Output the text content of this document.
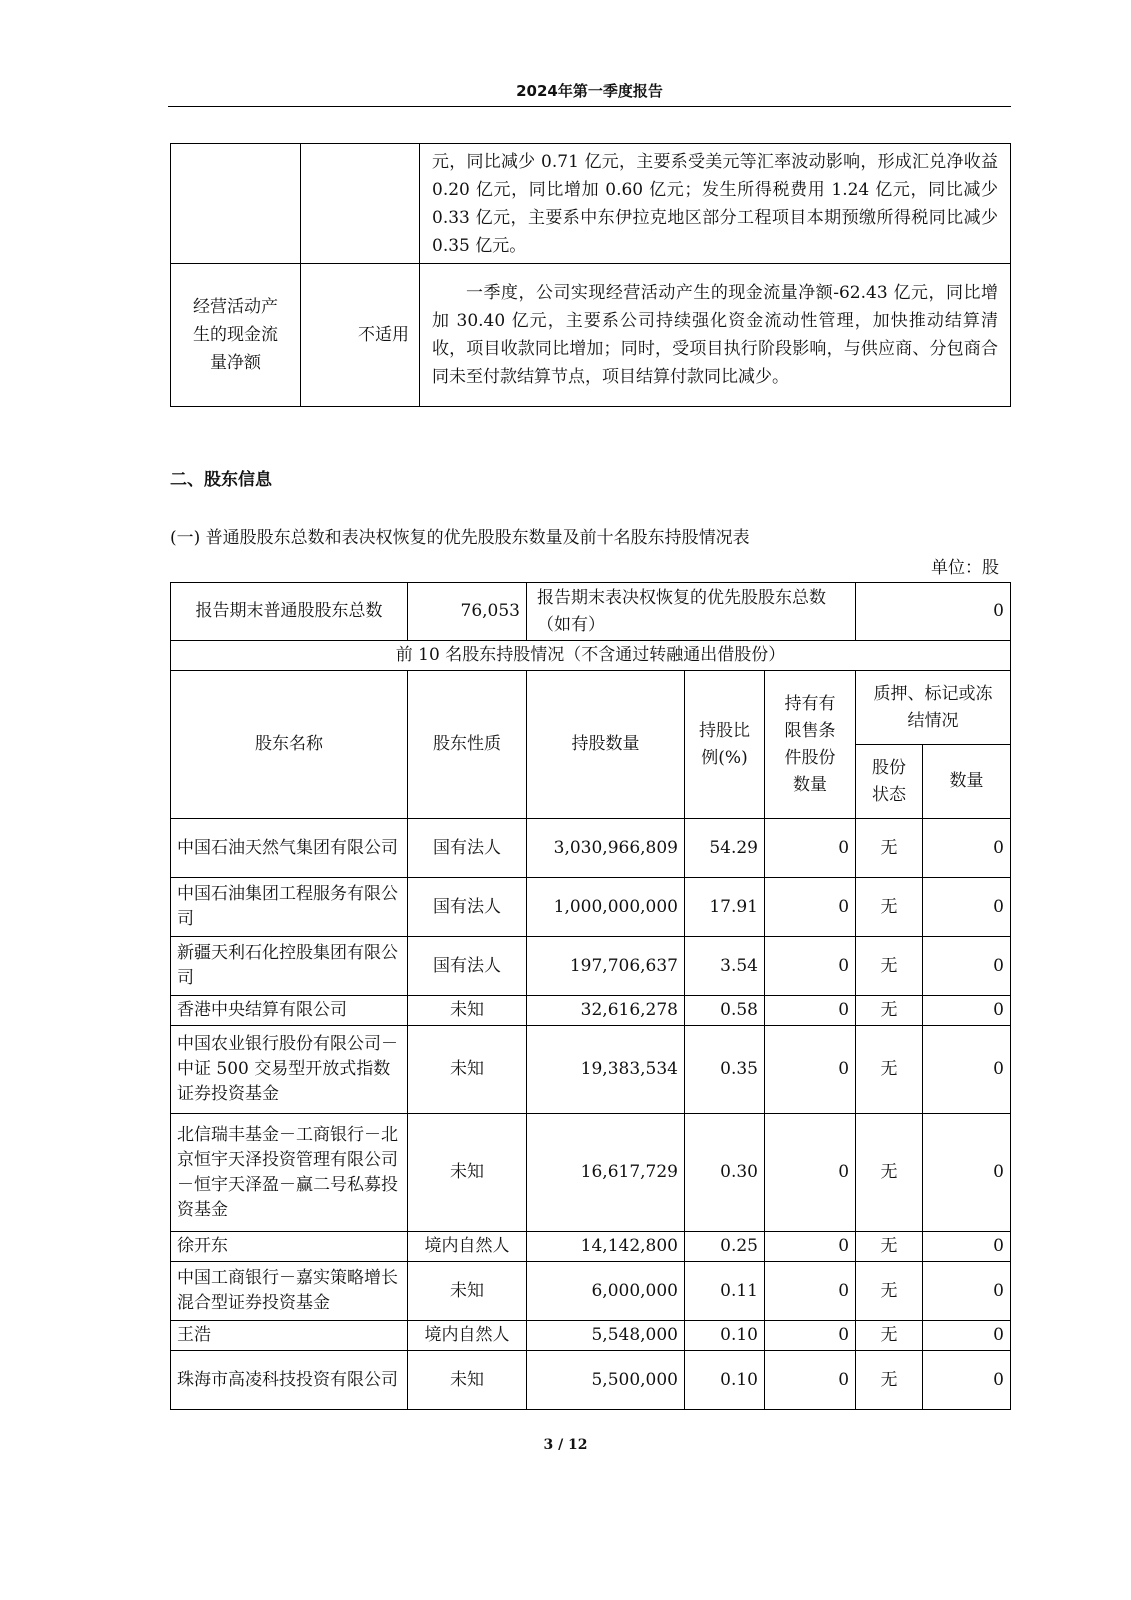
2024年第一季度报告
		元，同比减少 0.71 亿元，主要系受美元等汇率波动影响，形成汇兑净收益 0.20 亿元，同比增加 0.60 亿元；发生所得税费用 1.24 亿元，同比减少 0.33 亿元，主要系中东伊拉克地区部分工程项目本期预缴所得税同比减少 0.35 亿元。
经营活动产生的现金流量净额	不适用	一季度，公司实现经营活动产生的现金流量净额-62.43 亿元，同比增加 30.40 亿元，主要系公司持续强化资金流动性管理，加快推动结算清收，项目收款同比增加；同时，受项目执行阶段影响，与供应商、分包商合同未至付款结算节点，项目结算付款同比减少。
二、股东信息
(一) 普通股股东总数和表决权恢复的优先股股东数量及前十名股东持股情况表
单位：股
报告期末普通股股东总数	76,053	报告期末表决权恢复的优先股股东总数（如有）			0	
前 10 名股东持股情况（不含通过转融通出借股份）						
股东名称	股东性质	持股数量	持股比例(%)	持有有限售条件股份数量	质押、标记或冻结情况	
					股份状态	数量
中国石油天然气集团有限公司	国有法人	3,030,966,809	54.29	0	无	0
中国石油集团工程服务有限公司	国有法人	1,000,000,000	17.91	0	无	0
新疆天利石化控股集团有限公司	国有法人	197,706,637	3.54	0	无	0
香港中央结算有限公司	未知	32,616,278	0.58	0	无	0
中国农业银行股份有限公司－中证 500 交易型开放式指数证券投资基金	未知	19,383,534	0.35	0	无	0
北信瑞丰基金－工商银行－北京恒宇天泽投资管理有限公司－恒宇天泽盈－赢二号私募投资基金	未知	16,617,729	0.30	0	无	0
徐开东	境内自然人	14,142,800	0.25	0	无	0
中国工商银行－嘉实策略增长混合型证券投资基金	未知	6,000,000	0.11	0	无	0
王浩	境内自然人	5,548,000	0.10	0	无	0
珠海市高凌科技投资有限公司	未知	5,500,000	0.10	0	无	0
3 / 12
